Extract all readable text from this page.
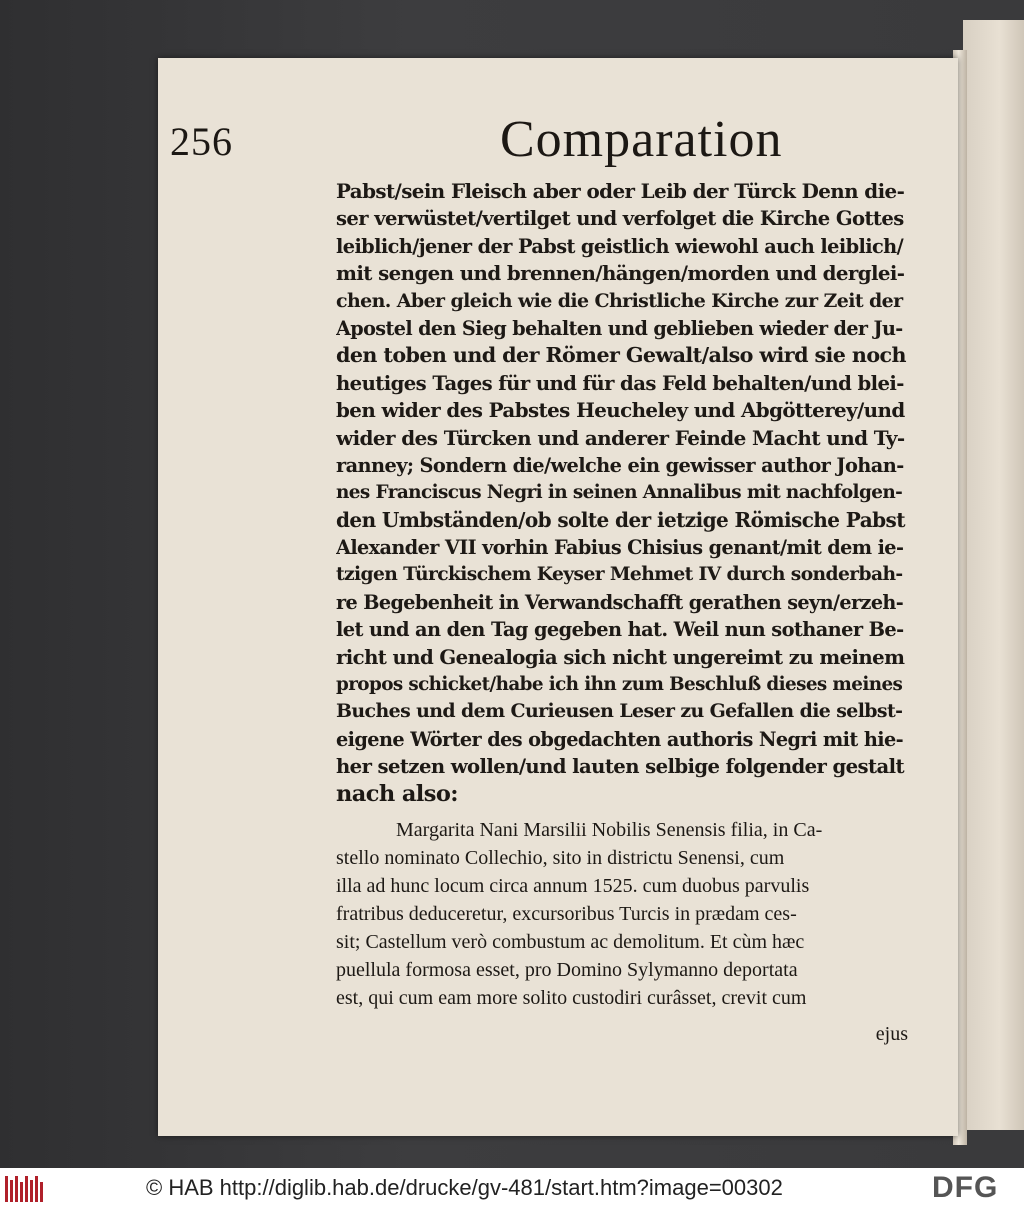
256	Comparation
Pabst/sein Fleisch aber oder Leib der Türck Denn die-
ser verwüstet/vertilget und verfolget die Kirche Gottes
leiblich/jener der Pabst geistlich wiewohl auch leiblich/
mit sengen und brennen/hängen/morden und derglei-
chen. Aber gleich wie die Christliche Kirche zur Zeit der
Apostel den Sieg behalten und geblieben wieder der Ju-
den toben und der Römer Gewalt/also wird sie noch
heutiges Tages für und für das Feld behalten/und blei-
ben wider des Pabstes Heucheley und Abgötterey/und
wider des Türcken und anderer Feinde Macht und Ty-
ranney; Sondern die/welche ein gewisser author Johan-
nes Franciscus Negri in seinen Annalibus mit nachfolgen-
den Umbständen/ob solte der ietzige Römische Pabst
Alexander VII vorhin Fabius Chisius genant/mit dem ie-
tzigen Türckischem Keyser Mehmet IV durch sonderbah-
re Begebenheit in Verwandschafft gerathen seyn/erzeh-
let und an den Tag gegeben hat. Weil nun sothaner Be-
richt und Genealogia sich nicht ungereimt zu meinem
propos schicket/habe ich ihn zum Beschluß dieses meines
Buches und dem Curieusen Leser zu Gefallen die selbst-
eigene Wörter des obgedachten authoris Negri mit hie-
her setzen wollen/und lauten selbige folgender gestalt
nach also:
Margarita Nani Marsilii Nobilis Senensis filia, in Ca-
stello nominato Collechio, sito in districtu Senensi, cum
illa ad hunc locum circa annum 1525. cum duobus parvulis
fratribus deduceretur, excursoribus Turcis in prædam ces-
sit; Castellum verò combustum ac demolitum. Et cùm hæc
puellula formosa esset, pro Domino Sylymanno deportata
est, qui cum eam more solito custodiri curâsset, crevit cum
ejus
© HAB http://diglib.hab.de/drucke/gv-481/start.htm?image=00302	DFG
